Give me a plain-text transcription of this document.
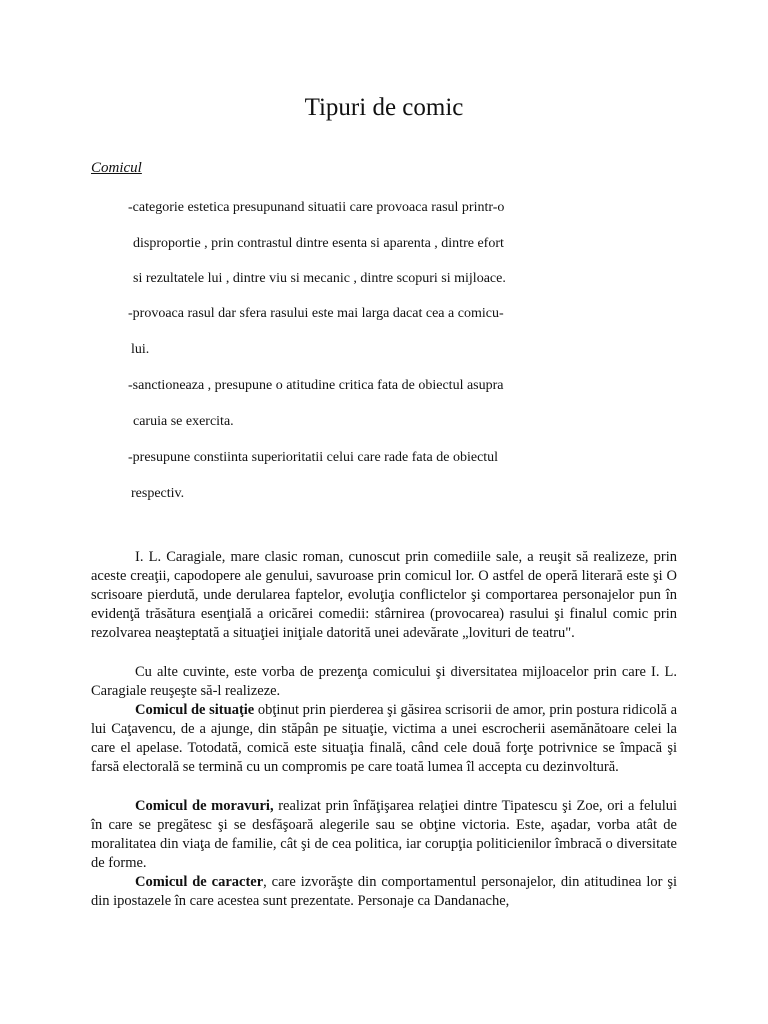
Tipuri de comic

Comicul

-categorie estetica presupunand situatii care provoaca rasul printr-o
disproportie , prin contrastul dintre esenta si aparenta , dintre efort
si rezultatele lui , dintre viu si mecanic , dintre scopuri si mijloace.
-provoaca rasul dar sfera rasului este mai larga dacat cea a comicu-
lui.
-sanctioneaza , presupune o atitudine critica fata de obiectul asupra
caruia se exercita.
-presupune constiinta superioritatii celui care rade fata de obiectul
respectiv.

I. L. Caragiale, mare clasic roman, cunoscut prin comediile sale, a reuşit să realizeze, prin aceste creaţii, capodopere ale genului, savuroase prin comicul lor. O astfel de operă literară este şi O scrisoare pierdută, unde derularea faptelor, evoluţia conflictelor şi comportarea personajelor pun în evidenţă trăsătura esenţială a oricărei comedii: stârnirea (provocarea) rasului şi finalul comic prin rezolvarea neaşteptată a situaţiei iniţiale datorită unei adevărate „lovituri de teatru".

Cu alte cuvinte, este vorba de prezenţa comicului şi diversitatea mijloacelor prin care I. L. Caragiale reuşeşte să-l realizeze.

Comicul de situaţie obţinut prin pierderea şi găsirea scrisorii de amor, prin postura ridicolă a lui Caţavencu, de a ajunge, din stăpân pe situaţie, victima a unei escrocherii asemănătoare celei la care el apelase. Totodată, comică este situaţia finală, când cele două forţe potrivnice se împacă şi farsă electorală se termină cu un compromis pe care toată lumea îl accepta cu dezinvoltură.

Comicul de moravuri, realizat prin înfăţişarea relaţiei dintre Tipatescu şi Zoe, ori a felului în care se pregătesc şi se desfăşoară alegerile sau se obţine victoria. Este, aşadar, vorba atât de moralitatea din viaţa de familie, cât şi de cea politica, iar corupţia politicienilor îmbracă o diversitate de forme.

Comicul de caracter, care izvorăşte din comportamentul personajelor, din atitudinea lor şi din ipostazele în care acestea sunt prezentate. Personaje ca Dandanache,
